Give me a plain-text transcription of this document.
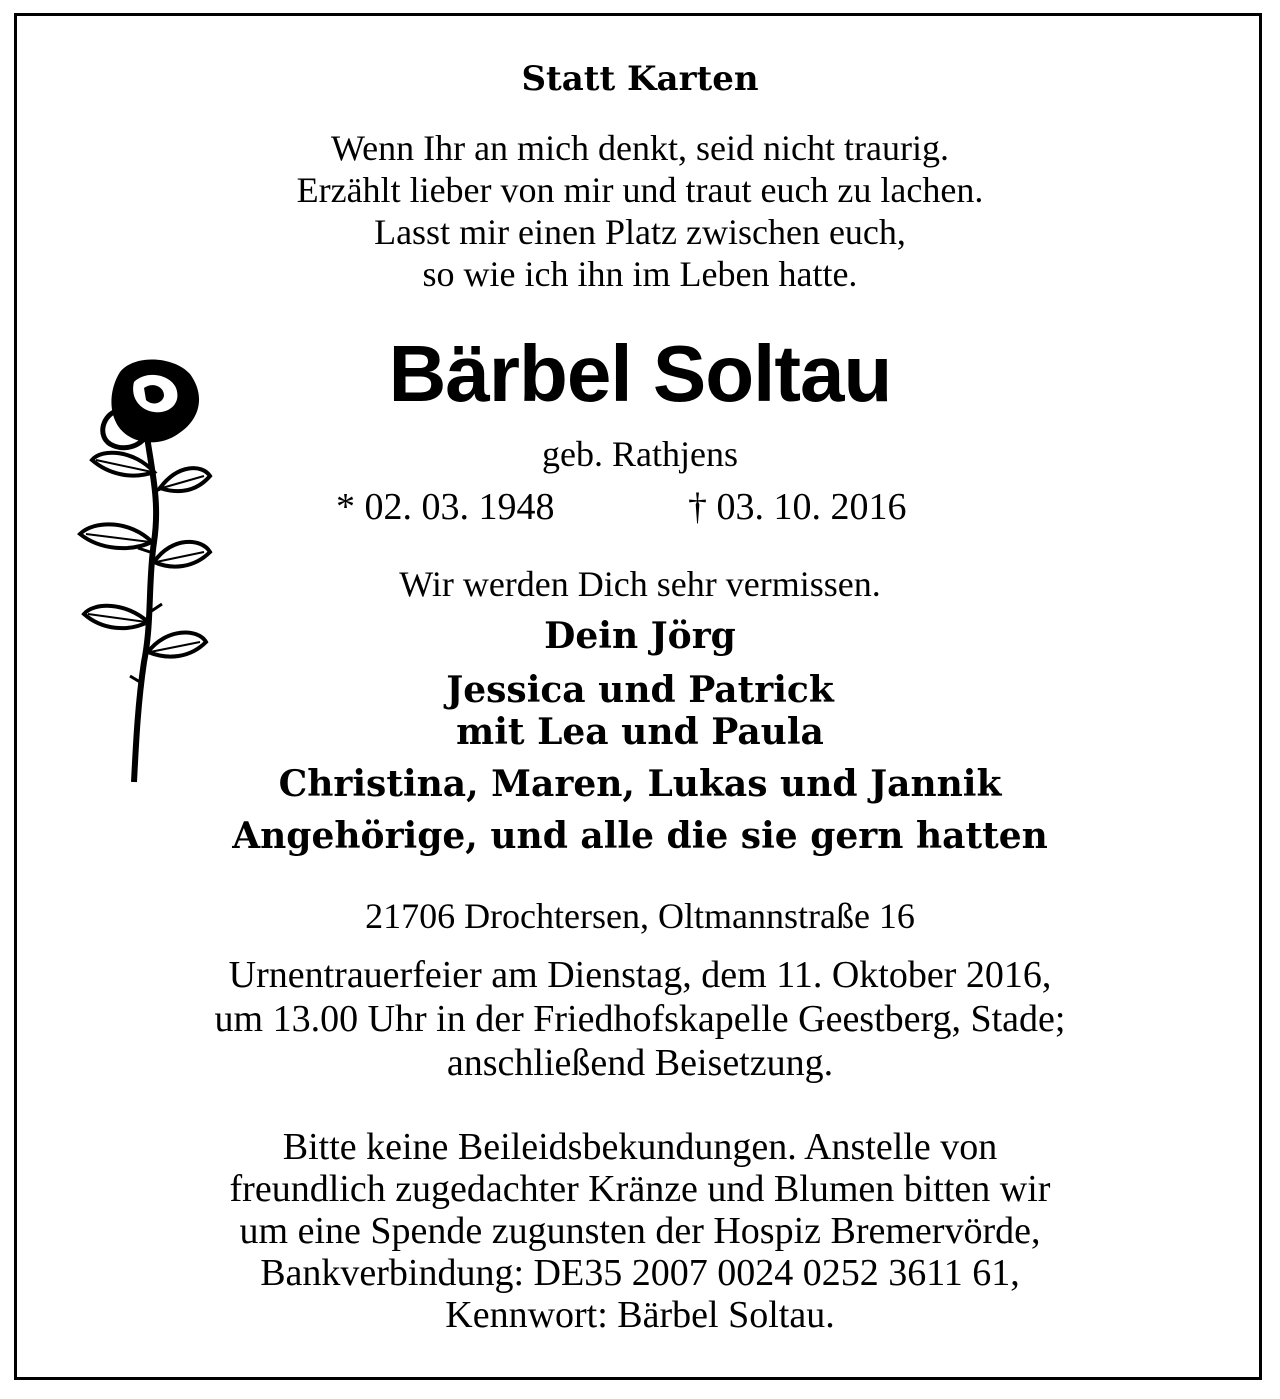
Statt Karten
Wenn Ihr an mich denkt, seid nicht traurig.
Erzählt lieber von mir und traut euch zu lachen.
Lasst mir einen Platz zwischen euch,
so wie ich ihn im Leben hatte.
Bärbel Soltau
geb. Rathjens
* 02. 03. 1948	† 03. 10. 2016
Wir werden Dich sehr vermissen.
Dein Jörg
Jessica und Patrick
mit Lea und Paula
Christina, Maren, Lukas und Jannik
Angehörige, und alle die sie gern hatten
21706 Drochtersen, Oltmannstraße 16
Urnentrauerfeier am Dienstag, dem 11. Oktober 2016,
um 13.00 Uhr in der Friedhofskapelle Geestberg, Stade;
anschließend Beisetzung.
Bitte keine Beileidsbekundungen. Anstelle von
freundlich zugedachter Kränze und Blumen bitten wir
um eine Spende zugunsten der Hospiz Bremervörde,
Bankverbindung: DE35 2007 0024 0252 3611 61,
Kennwort: Bärbel Soltau.
